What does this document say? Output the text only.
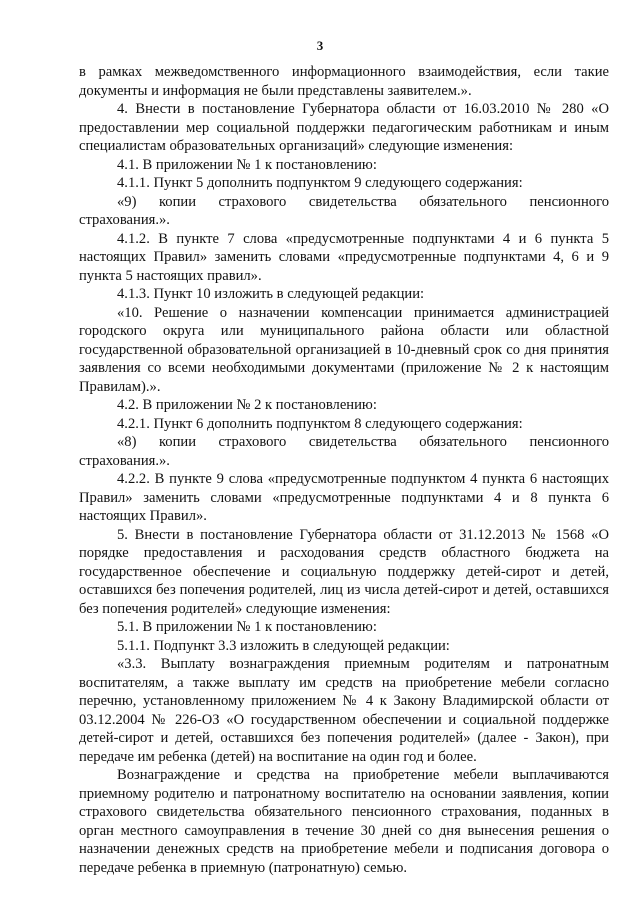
3

в рамках межведомственного информационного взаимодействия, если такие документы и информация не были представлены заявителем.».

4. Внести в постановление Губернатора области от 16.03.2010 № 280 «О предоставлении мер социальной поддержки педагогическим работникам и иным специалистам образовательных организаций» следующие изменения:

4.1. В приложении № 1 к постановлению:

4.1.1. Пункт 5 дополнить подпунктом 9 следующего содержания:

«9) копии страхового свидетельства обязательного пенсионного страхования.».

4.1.2. В пункте 7 слова «предусмотренные подпунктами 4 и 6 пункта 5 настоящих Правил» заменить словами «предусмотренные подпунктами 4, 6 и 9 пункта 5 настоящих правил».

4.1.3. Пункт 10 изложить в следующей редакции:

«10. Решение о назначении компенсации принимается администрацией городского округа или муниципального района области или областной государственной образовательной организацией в 10-дневный срок со дня принятия заявления со всеми необходимыми документами (приложение № 2 к настоящим Правилам).».

4.2. В приложении № 2 к постановлению:

4.2.1. Пункт 6 дополнить подпунктом 8 следующего содержания:

«8) копии страхового свидетельства обязательного пенсионного страхования.».

4.2.2. В пункте 9 слова «предусмотренные подпунктом 4 пункта 6 настоящих Правил» заменить словами «предусмотренные подпунктами 4 и 8 пункта 6 настоящих Правил».

5. Внести в постановление Губернатора области от 31.12.2013 № 1568 «О порядке предоставления и расходования средств областного бюджета на государственное обеспечение и социальную поддержку детей-сирот и детей, оставшихся без попечения родителей, лиц из числа детей-сирот и детей, оставшихся без попечения родителей» следующие изменения:

5.1. В приложении № 1 к постановлению:

5.1.1. Подпункт 3.3 изложить в следующей редакции:

«3.3. Выплату вознаграждения приемным родителям и патронатным воспитателям, а также выплату им средств на приобретение мебели согласно перечню, установленному приложением № 4 к Закону Владимирской области от 03.12.2004 № 226-ОЗ «О государственном обеспечении и социальной поддержке детей-сирот и детей, оставшихся без попечения родителей» (далее - Закон), при передаче им ребенка (детей) на воспитание на один год и более.

Вознаграждение и средства на приобретение мебели выплачиваются приемному родителю и патронатному воспитателю на основании заявления, копии страхового свидетельства обязательного пенсионного страхования, поданных в орган местного самоуправления в течение 30 дней со дня вынесения решения о назначении денежных средств на приобретение мебели и подписания договора о передаче ребенка в приемную (патронатную) семью.
